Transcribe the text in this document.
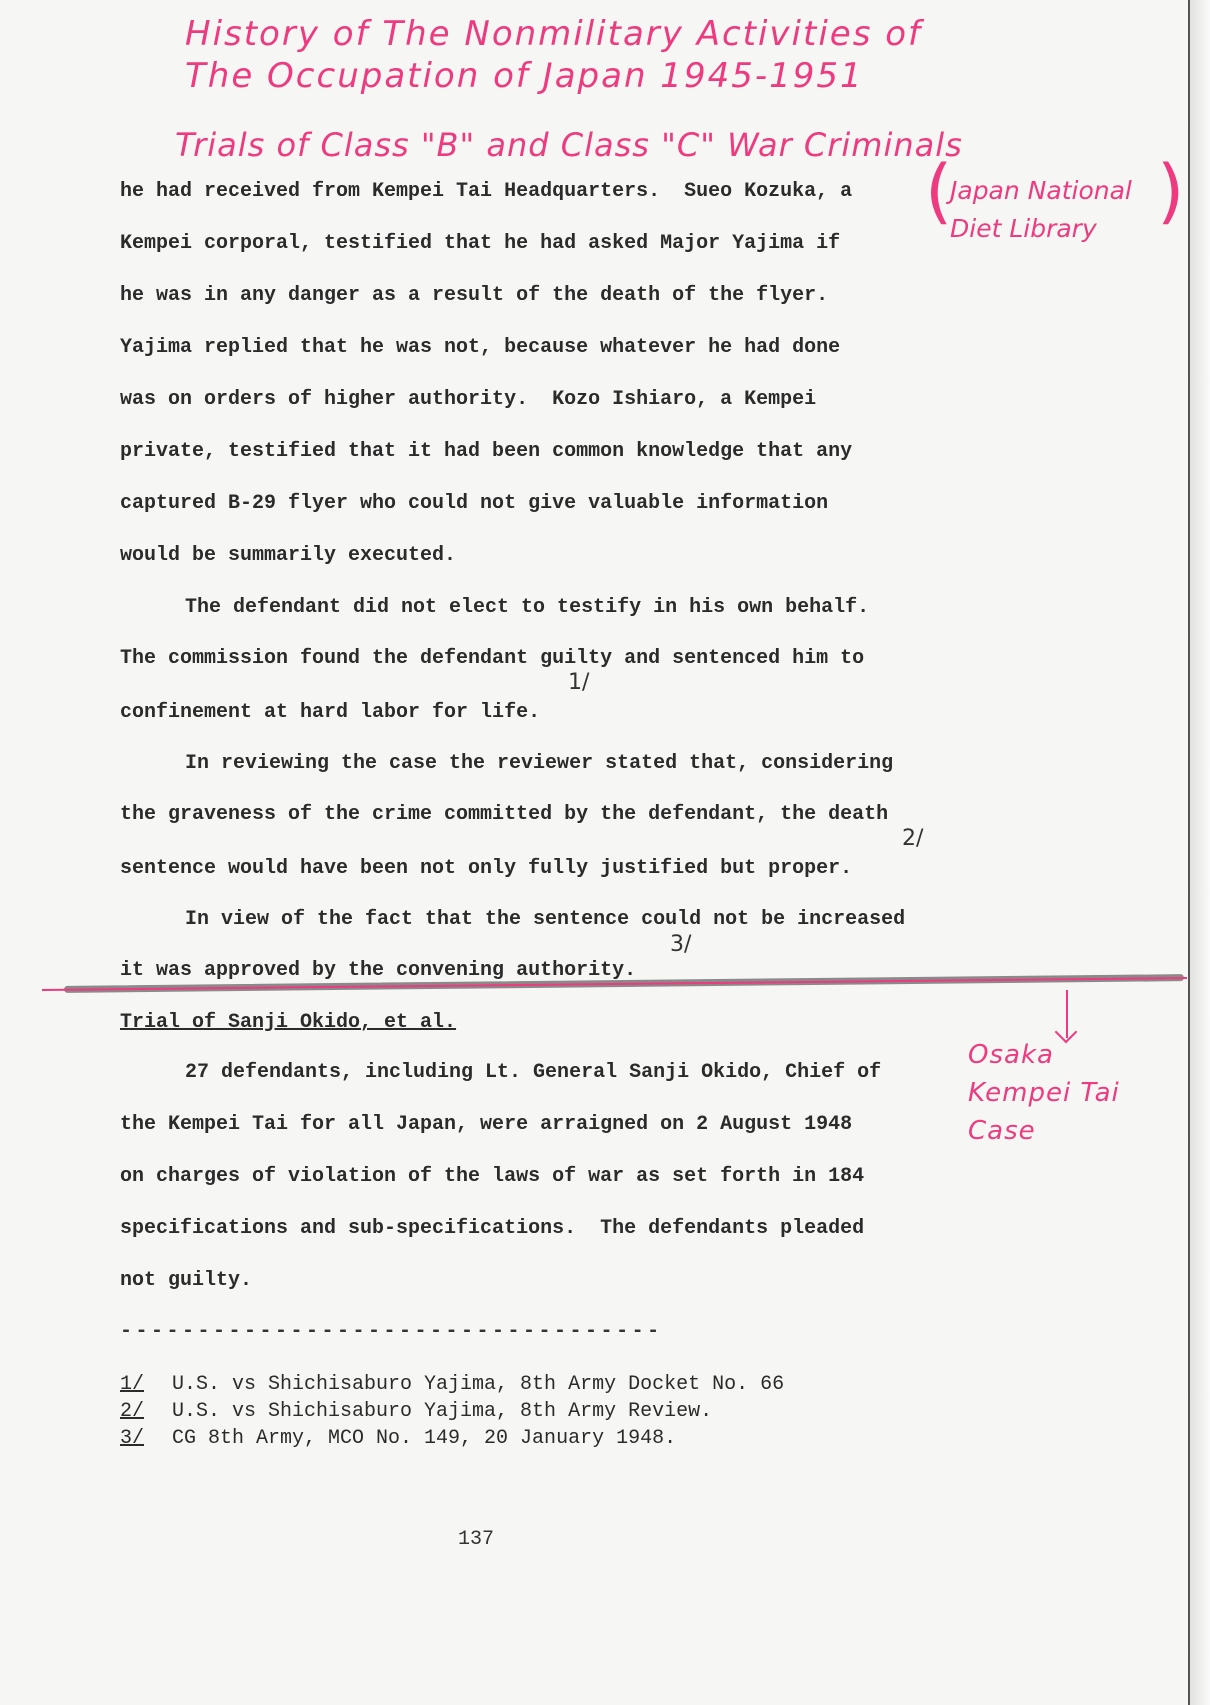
History of The Nonmilitary Activities of
The Occupation of Japan 1945-1951
Trials of Class "B" and Class "C" War Criminals
(
Japan National
Diet Library )
he had received from Kempei Tai Headquarters.  Sueo Kozuka, a
Kempei corporal, testified that he had asked Major Yajima if
he was in any danger as a result of the death of the flyer.
Yajima replied that he was not, because whatever he had done
was on orders of higher authority.  Kozo Ishiaro, a Kempei
private, testified that it had been common knowledge that any
captured B-29 flyer who could not give valuable information
would be summarily executed.
The defendant did not elect to testify in his own behalf.
The commission found the defendant guilty and sentenced him to
confinement at hard labor for life.
1/
In reviewing the case the reviewer stated that, considering
the graveness of the crime committed by the defendant, the death
sentence would have been not only fully justified but proper.
2/
In view of the fact that the sentence could not be increased
it was approved by the convening authority.
3/
Osaka
Kempei Tai
Case
Trial of Sanji Okido, et al.
27 defendants, including Lt. General Sanji Okido, Chief of
the Kempei Tai for all Japan, were arraigned on 2 August 1948
on charges of violation of the laws of war as set forth in 184
specifications and sub-specifications.  The defendants pleaded
not guilty.
-----------------------------------
1/ U.S. vs Shichisaburo Yajima, 8th Army Docket No. 66
2/ U.S. vs Shichisaburo Yajima, 8th Army Review.
3/ CG 8th Army, MCO No. 149, 20 January 1948.
137
